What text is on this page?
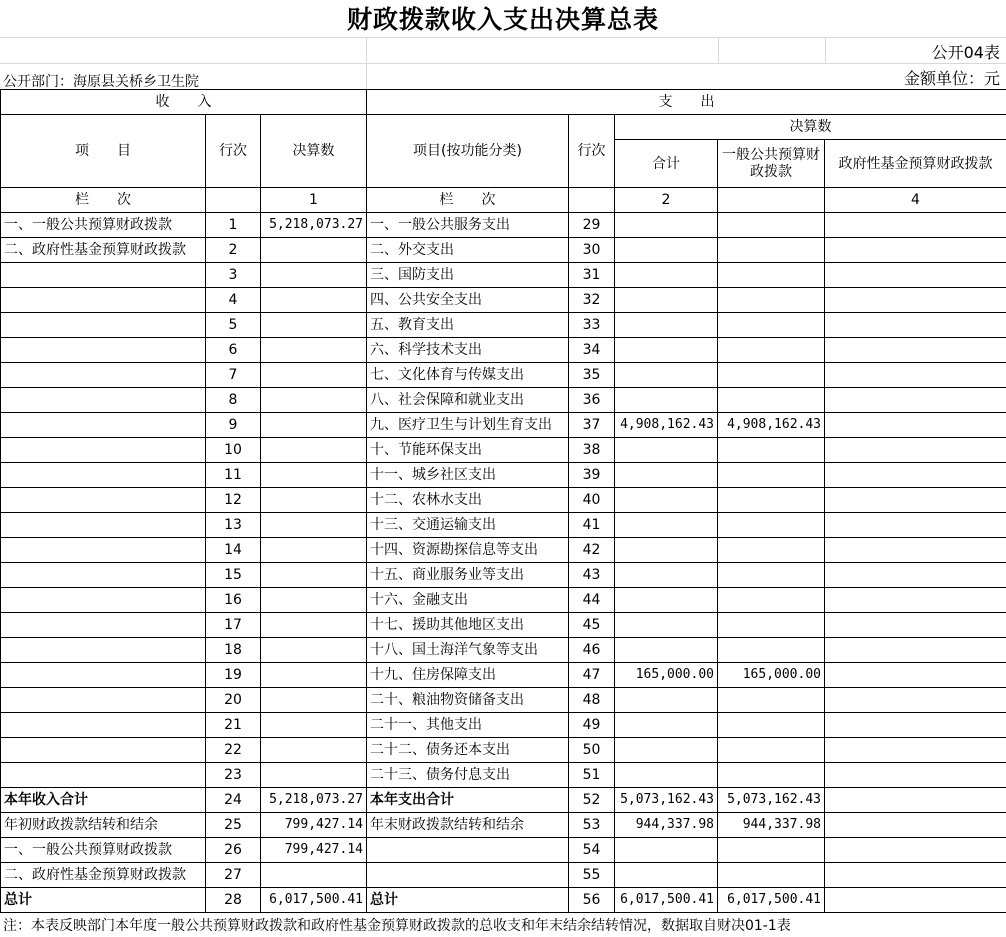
财政拨款收入支出决算总表
公开04表
公开部门：海原县关桥乡卫生院	金额单位：元
收　　入			支　　出				
项　　目	行次	决算数	项目(按功能分类)	行次	决算数		
					合计	一般公共预算财政拨款	政府性基金预算财政拨款
栏　　次		1	栏　　次		2		4
一、一般公共预算财政拨款	1	5,218,073.27	一、一般公共服务支出	29			
二、政府性基金预算财政拨款	2		二、外交支出	30			
	3		三、国防支出	31			
	4		四、公共安全支出	32			
	5		五、教育支出	33			
	6		六、科学技术支出	34			
	7		七、文化体育与传媒支出	35			
	8		八、社会保障和就业支出	36			
	9		九、医疗卫生与计划生育支出	37	4,908,162.43	4,908,162.43	
	10		十、节能环保支出	38			
	11		十一、城乡社区支出	39			
	12		十二、农林水支出	40			
	13		十三、交通运输支出	41			
	14		十四、资源勘探信息等支出	42			
	15		十五、商业服务业等支出	43			
	16		十六、金融支出	44			
	17		十七、援助其他地区支出	45			
	18		十八、国土海洋气象等支出	46			
	19		十九、住房保障支出	47	165,000.00	165,000.00	
	20		二十、粮油物资储备支出	48			
	21		二十一、其他支出	49			
	22		二十二、债务还本支出	50			
	23		二十三、债务付息支出	51			
本年收入合计	24	5,218,073.27	本年支出合计	52	5,073,162.43	5,073,162.43	
年初财政拨款结转和结余	25	799,427.14	年末财政拨款结转和结余	53	944,337.98	944,337.98	
一、一般公共预算财政拨款	26	799,427.14		54			
二、政府性基金预算财政拨款	27			55			
总计	28	6,017,500.41	总计	56	6,017,500.41	6,017,500.41	
注：本表反映部门本年度一般公共预算财政拨款和政府性基金预算财政拨款的总收支和年末结余结转情况，数据取自财决01-1表
